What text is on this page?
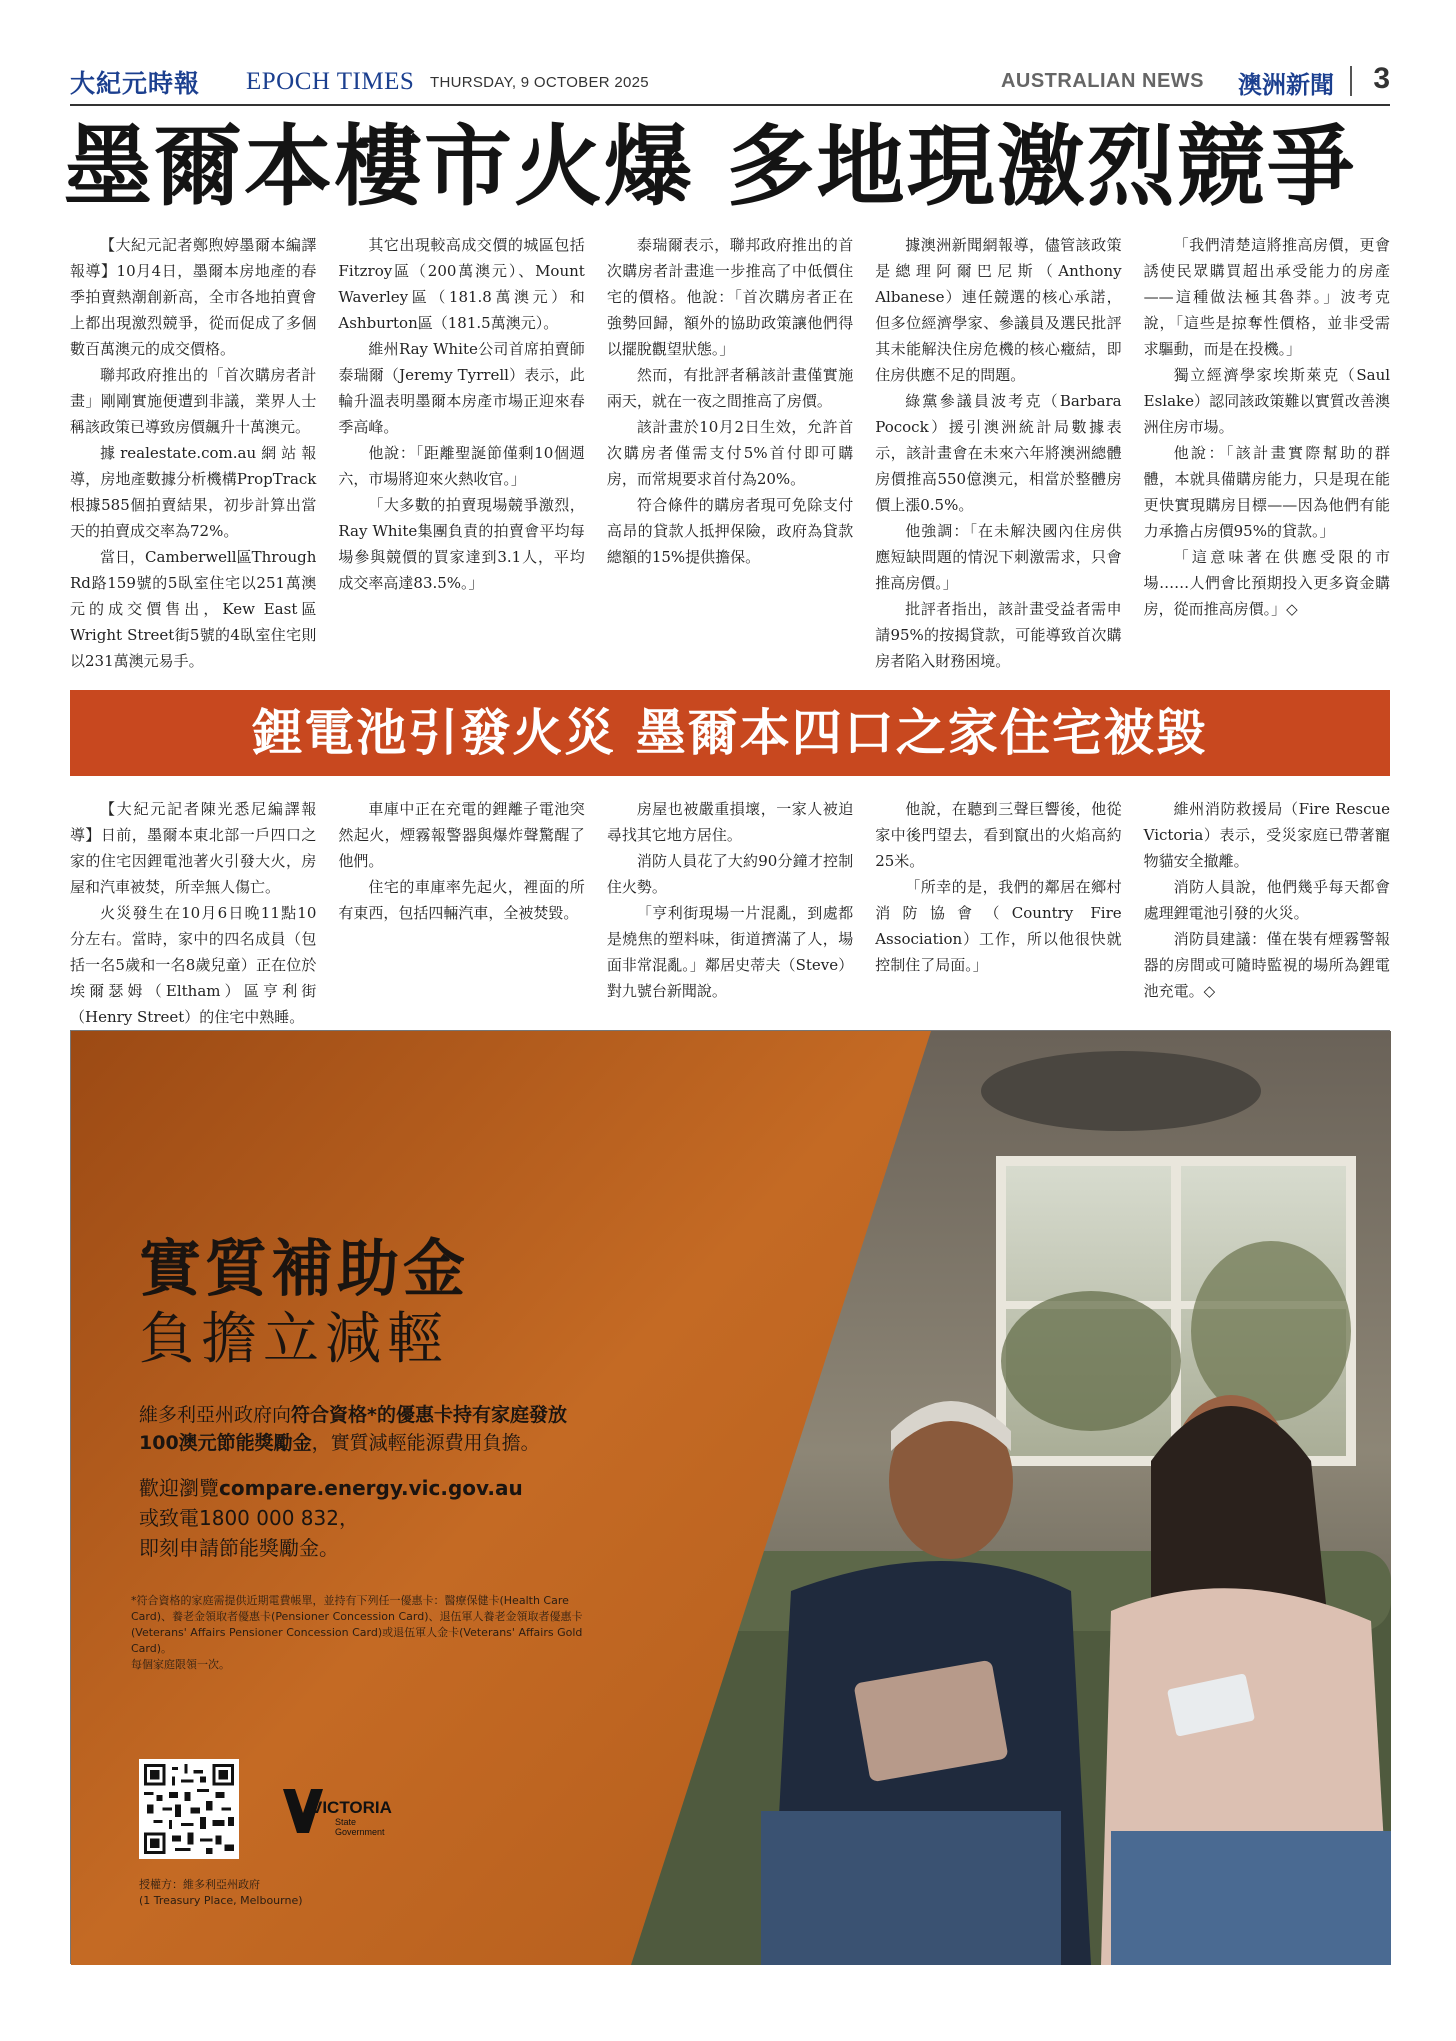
大紀元時報 EPOCH TIMES THURSDAY, 9 OCTOBER 2025	AUSTRALIAN NEWS 澳洲新聞 3
墨爾本樓市火爆 多地現激烈競爭

【大紀元記者鄭煦婷墨爾本編譯報導】10月4日，墨爾本房地產的春季拍賣熱潮創新高，全市各地拍賣會上都出現激烈競爭，從而促成了多個數百萬澳元的成交價格。

聯邦政府推出的「首次購房者計畫」剛剛實施便遭到非議，業界人士稱該政策已導致房價飆升十萬澳元。

據realestate.com.au網站報導，房地產數據分析機構PropTrack根據585個拍賣結果，初步計算出當天的拍賣成交率為72%。

當日，Camberwell區Through Rd路159號的5臥室住宅以251萬澳元的成交價售出，Kew East區Wright Street街5號的4臥室住宅則以231萬澳元易手。

其它出現較高成交價的城區包括Fitzroy區（200萬澳元）、Mount Waverley區（181.8萬澳元）和Ashburton區（181.5萬澳元）。

維州Ray White公司首席拍賣師泰瑞爾（Jeremy Tyrrell）表示，此輪升溫表明墨爾本房產市場正迎來春季高峰。

他說：「距離聖誕節僅剩10個週六，市場將迎來火熱收官。」

「大多數的拍賣現場競爭激烈，Ray White集團負責的拍賣會平均每場參與競價的買家達到3.1人，平均成交率高達83.5%。」

泰瑞爾表示，聯邦政府推出的首次購房者計畫進一步推高了中低價住宅的價格。他說：「首次購房者正在強勢回歸，額外的協助政策讓他們得以擺脫觀望狀態。」

然而，有批評者稱該計畫僅實施兩天，就在一夜之間推高了房價。

該計畫於10月2日生效，允許首次購房者僅需支付5%首付即可購房，而常規要求首付為20%。

符合條件的購房者現可免除支付高昂的貸款人抵押保險，政府為貸款總額的15%提供擔保。

據澳洲新聞網報導，儘管該政策是總理阿爾巴尼斯（Anthony Albanese）連任競選的核心承諾，但多位經濟學家、參議員及選民批評其未能解決住房危機的核心癥結，即住房供應不足的問題。

綠黨參議員波考克（Barbara Pocock）援引澳洲統計局數據表示，該計畫會在未來六年將澳洲總體房價推高550億澳元，相當於整體房價上漲0.5%。

他強調：「在未解決國內住房供應短缺問題的情況下刺激需求，只會推高房價。」

批評者指出，該計畫受益者需申請95%的按揭貸款，可能導致首次購房者陷入財務困境。

「我們清楚這將推高房價，更會誘使民眾購買超出承受能力的房產——這種做法極其魯莽。」波考克說，「這些是掠奪性價格，並非受需求驅動，而是在投機。」

獨立經濟學家埃斯萊克（Saul Eslake）認同該政策難以實質改善澳洲住房市場。

他說：「該計畫實際幫助的群體，本就具備購房能力，只是現在能更快實現購房目標——因為他們有能力承擔占房價95%的貸款。」

「這意味著在供應受限的市場……人們會比預期投入更多資金購房，從而推高房價。」◇

鋰電池引發火災 墨爾本四口之家住宅被毀

【大紀元記者陳光悉尼編譯報導】日前，墨爾本東北部一戶四口之家的住宅因鋰電池著火引發大火，房屋和汽車被焚，所幸無人傷亡。

火災發生在10月6日晚11點10分左右。當時，家中的四名成員（包括一名5歲和一名8歲兒童）正在位於埃爾瑟姆（Eltham）區亨利街（Henry Street）的住宅中熟睡。

車庫中正在充電的鋰離子電池突然起火，煙霧報警器與爆炸聲驚醒了他們。

住宅的車庫率先起火，裡面的所有東西，包括四輛汽車，全被焚毀。

房屋也被嚴重損壞，一家人被迫尋找其它地方居住。

消防人員花了大約90分鐘才控制住火勢。

「亨利街現場一片混亂，到處都是燒焦的塑料味，街道擠滿了人，場面非常混亂。」鄰居史蒂夫（Steve）對九號台新聞說。

他說，在聽到三聲巨響後，他從家中後門望去，看到竄出的火焰高約25米。

「所幸的是，我們的鄰居在鄉村消防協會（Country Fire Association）工作，所以他很快就控制住了局面。」

維州消防救援局（Fire Rescue Victoria）表示，受災家庭已帶著寵物貓安全撤離。

消防人員說，他們幾乎每天都會處理鋰電池引發的火災。

消防員建議：僅在裝有煙霧警報器的房間或可隨時監視的場所為鋰電池充電。◇

實質補助金
負擔立減輕

維多利亞州政府向符合資格*的優惠卡持有家庭發放

100澳元節能獎勵金，實質減輕能源費用負擔。

歡迎瀏覽compare.energy.vic.gov.au
或致電1800 000 832，
即刻申請節能獎勵金。

*符合資格的家庭需提供近期電費帳單，並持有下列任一優惠卡：醫療保健卡(Health Care Card)、養老金領取者優惠卡(Pensioner Concession Card)、退伍軍人養老金領取者優惠卡(Veterans' Affairs Pensioner Concession Card)或退伍軍人金卡(Veterans' Affairs Gold Card)。

每個家庭限領一次。

VICTORIA
State
Government
授權方：維多利亞州政府
(1 Treasury Place, Melbourne)
